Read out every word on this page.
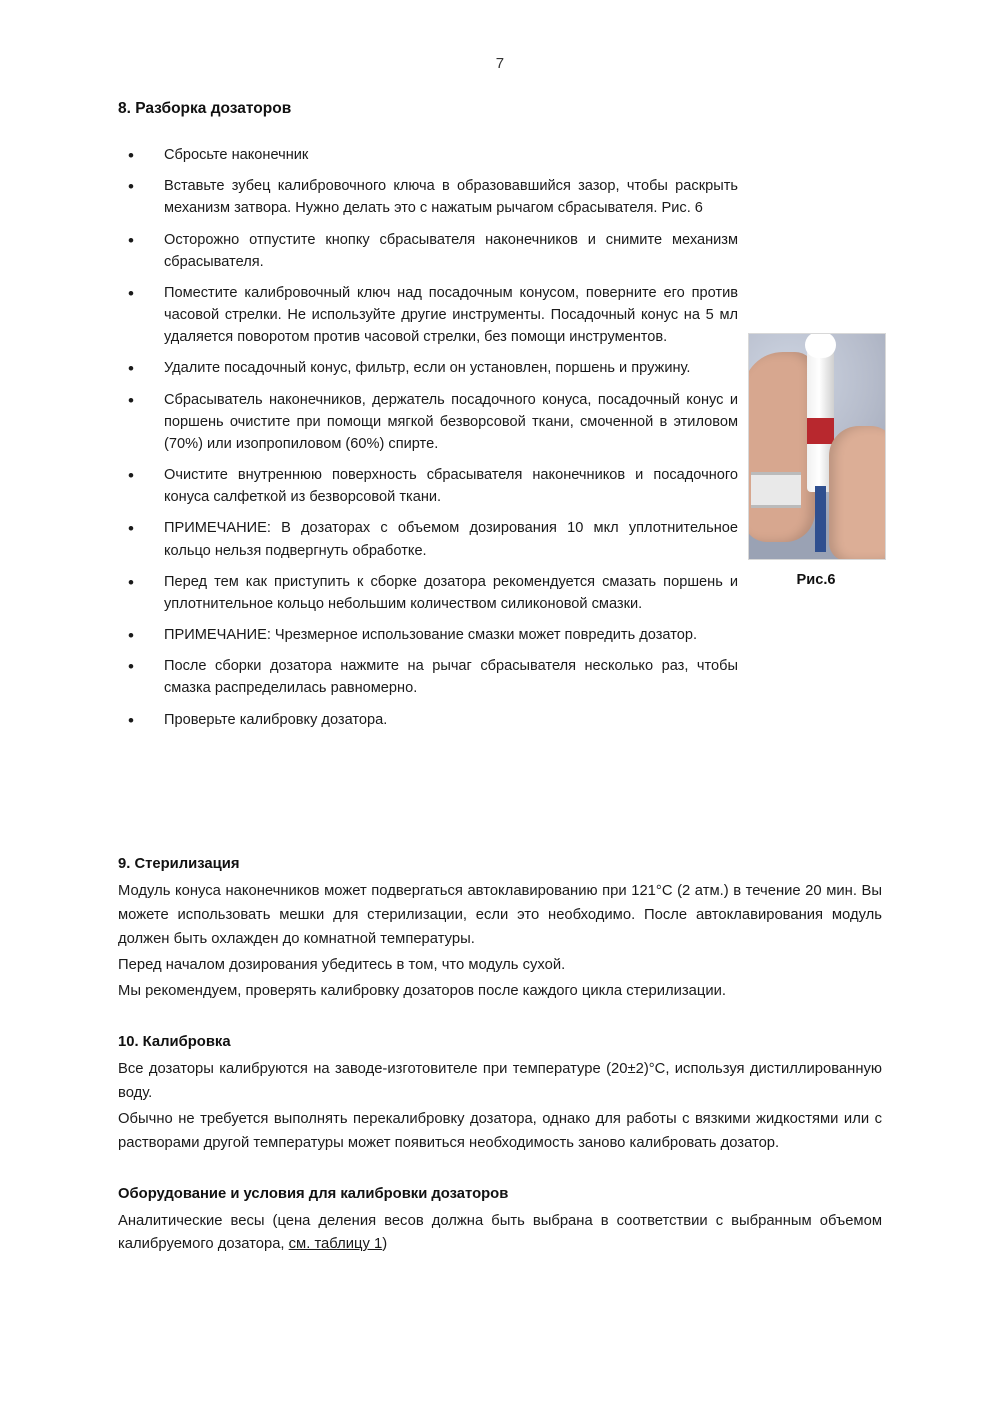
7
8. Разборка дозаторов
• Сбросьте наконечник
• Вставьте зубец калибровочного ключа в образовавшийся зазор, чтобы раскрыть механизм затвора. Нужно делать это с нажатым рычагом сбрасывателя. Рис. 6
• Осторожно отпустите кнопку сбрасывателя наконечников и снимите механизм сбрасывателя.
• Поместите калибровочный ключ над посадочным конусом, поверните его против часовой стрелки. Не используйте другие инструменты. Посадочный конус на 5 мл удаляется поворотом против часовой стрелки, без помощи инструментов.
• Удалите посадочный конус, фильтр, если он установлен, поршень и пружину.
• Сбрасыватель наконечников, держатель посадочного конуса, посадочный конус и поршень очистите при помощи мягкой безворсовой ткани, смоченной в этиловом (70%) или изопропиловом (60%) спирте.
• Очистите внутреннюю поверхность сбрасывателя наконечников и посадочного конуса салфеткой из безворсовой ткани.
• ПРИМЕЧАНИЕ: В дозаторах с объемом дозирования 10 мкл уплотнительное кольцо нельзя подвергнуть обработке.
• Перед тем как приступить к сборке дозатора рекомендуется смазать поршень и уплотнительное кольцо небольшим количеством силиконовой смазки.
• ПРИМЕЧАНИЕ: Чрезмерное использование смазки может повредить дозатор.
• После сборки дозатора нажмите на рычаг сбрасывателя несколько раз, чтобы смазка распределилась равномерно.
• Проверьте калибровку дозатора.
Рис.6
9. Стерилизация

Модуль конуса наконечников может подвергаться автоклавированию при 121°С (2 атм.) в течение 20 мин. Вы можете использовать мешки для стерилизации, если это необходимо. После автоклавирования модуль должен быть охлажден до комнатной температуры.

Перед началом дозирования убедитесь в том, что модуль сухой.

Мы рекомендуем, проверять калибровку дозаторов после каждого цикла стерилизации.

10. Калибровка

Все дозаторы калибруются на заводе-изготовителе при температуре (20±2)°С, используя дистиллированную воду.

Обычно не требуется выполнять перекалибровку дозатора, однако для работы с вязкими жидкостями или с растворами другой температуры может появиться необходимость заново калибровать дозатор.

Оборудование и условия для калибровки дозаторов

Аналитические весы (цена деления весов должна быть выбрана в соответствии с выбранным объемом калибруемого дозатора, см. таблицу 1)
